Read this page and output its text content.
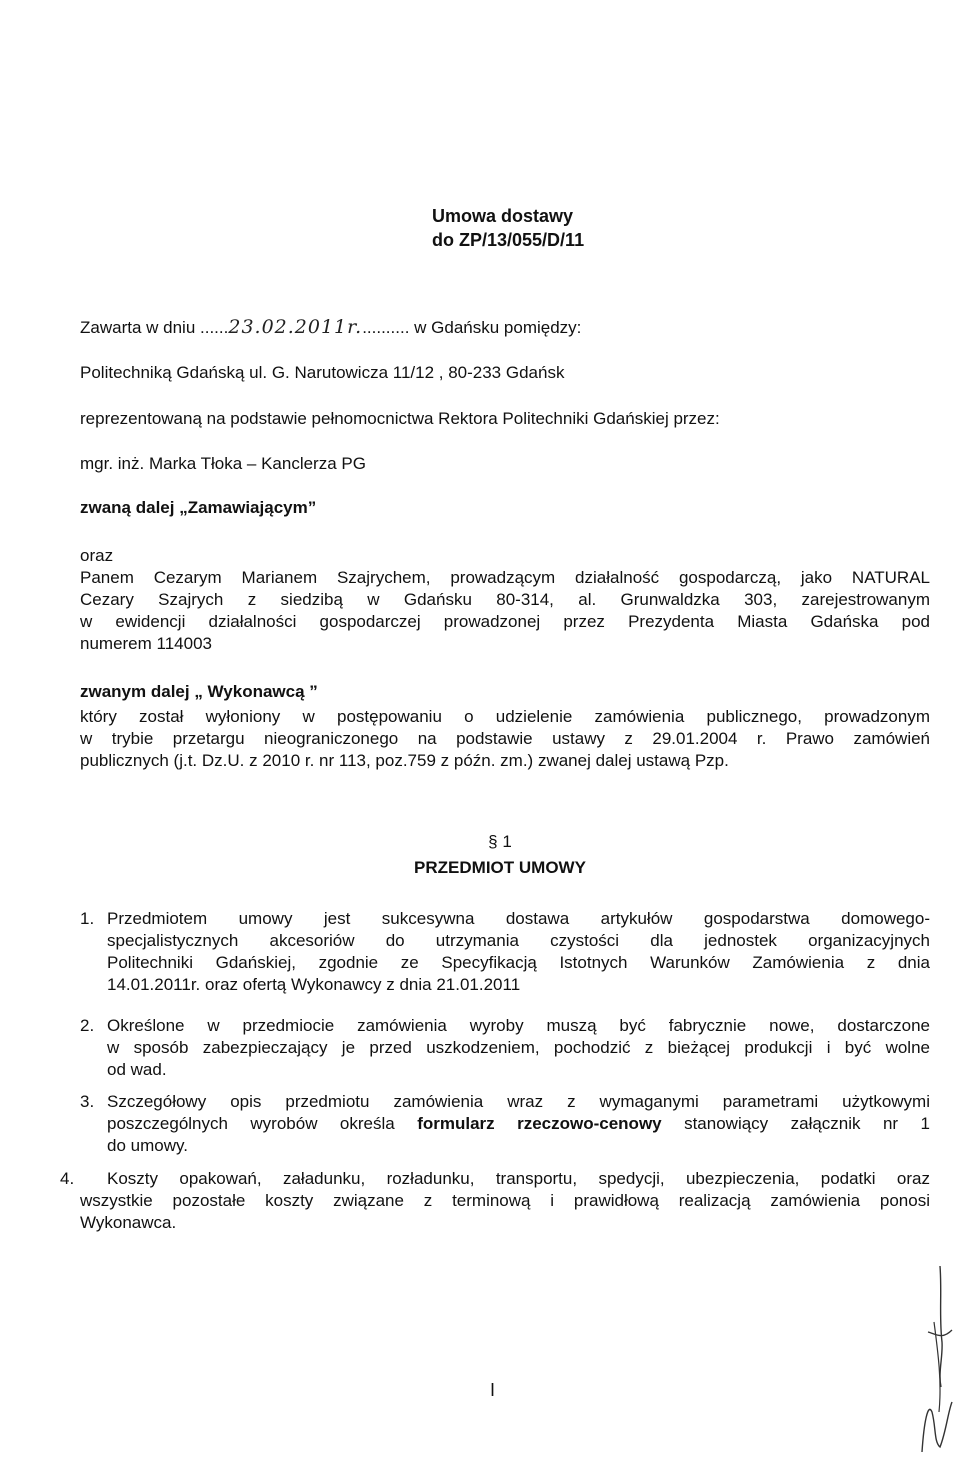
Umowa dostawy
do ZP/13/055/D/11
Zawarta w dniu ......23.02.2011r........... w Gdańsku pomiędzy:
Politechniką Gdańską ul. G. Narutowicza 11/12 , 80-233 Gdańsk
reprezentowaną na podstawie pełnomocnictwa Rektora Politechniki Gdańskiej przez:
mgr. inż. Marka Tłoka – Kanclerza PG
zwaną dalej „Zamawiającym”
oraz
Panem Cezarym Marianem Szajrychem, prowadzącym działalność gospodarczą, jako NATURAL
Cezary Szajrych z siedzibą w Gdańsku 80-314, al. Grunwaldzka 303, zarejestrowanym
w ewidencji działalności gospodarczej prowadzonej przez Prezydenta Miasta Gdańska pod
numerem 114003
zwanym dalej „ Wykonawcą ”
który został wyłoniony w postępowaniu o udzielenie zamówienia publicznego, prowadzonym
w trybie przetargu nieograniczonego na podstawie ustawy z 29.01.2004 r. Prawo zamówień
publicznych (j.t. Dz.U. z 2010 r. nr 113, poz.759 z późn. zm.) zwanej dalej ustawą Pzp.
§ 1
PRZEDMIOT UMOWY
1. Przedmiotem umowy jest sukcesywna dostawa artykułów gospodarstwa domowego-
specjalistycznych akcesoriów do utrzymania czystości dla jednostek organizacyjnych
Politechniki Gdańskiej, zgodnie ze Specyfikacją Istotnych Warunków Zamówienia z dnia
14.01.2011r. oraz ofertą Wykonawcy z dnia 21.01.2011
2. Określone w przedmiocie zamówienia wyroby muszą być fabrycznie nowe, dostarczone
w sposób zabezpieczający je przed uszkodzeniem, pochodzić z bieżącej produkcji i być wolne
od wad.
3. Szczegółowy opis przedmiotu zamówienia wraz z wymaganymi parametrami użytkowymi
poszczególnych wyrobów określa formularz rzeczowo-cenowy stanowiący załącznik nr 1
do umowy.
4.	Koszty opakowań, załadunku, rozładunku, transportu, spedycji, ubezpieczenia, podatki oraz
wszystkie pozostałe koszty związane z terminową i prawidłową realizacją zamówienia ponosi
Wykonawca.
I
